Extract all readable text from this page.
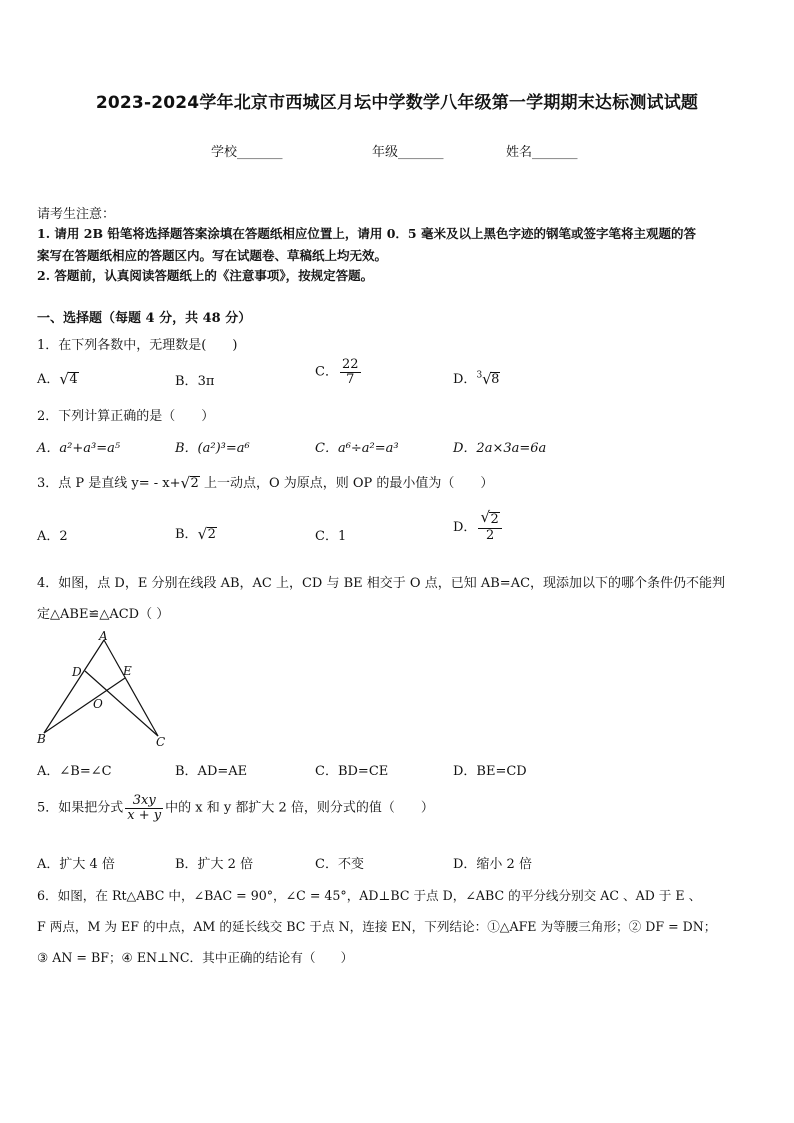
2023-2024学年北京市西城区月坛中学数学八年级第一学期期末达标测试试题
学校_______	年级_______	姓名_______
请考生注意：
1. 请用 2B 铅笔将选择题答案涂填在答题纸相应位置上，请用 0．5 毫米及以上黑色字迹的钢笔或签字笔将主观题的答
案写在答题纸相应的答题区内。写在试题卷、草稿纸上均无效。
2. 答题前，认真阅读答题纸上的《注意事项》，按规定答题。
一、选择题（每题 4 分，共 48 分）
1．在下列各数中，无理数是(　　)
A． √ 4	B．3π
C． $\frac{22}{7}$	D．$^3$ √ 8
2．下列计算正确的是（　　）
A．a²+a³=a⁵	B．(a²)³=a⁶	C．a⁶÷a²=a³	D．2a×3a=6a
3．点 P 是直线 y= - x+ √ 2 上一动点，O 为原点，则 OP 的最小值为（　　）
A．2	B． √ 2	C．1
D． $\frac{√ 2}{2}$
4．如图，点 D，E 分别在线段 AB，AC 上，CD 与 BE 相交于 O 点，已知 AB=AC，现添加以下的哪个条件仍不能判
定△ABE≌△ACD（ ）
A
D	E
O
B	C
A．∠B=∠C	B．AD=AE	C．BD=CE	D．BE=CD
5．如果把分式 $\frac{3xy}{x + y}$ 中的 x 和 y 都扩大 2 倍，则分式的值（　　）
A．扩大 4 倍	B．扩大 2 倍	C．不变	D．缩小 2 倍
6．如图，在 Rt△ABC 中，∠BAC = 90°，∠C = 45°，AD⊥BC 于点 D，∠ABC 的平分线分别交 AC 、AD 于 E 、
F 两点，M 为 EF 的中点，AM 的延长线交 BC 于点 N，连接 EN，下列结论：①△AFE 为等腰三角形；② DF = DN；
③ AN = BF；④ EN⊥NC．其中正确的结论有（　　）
